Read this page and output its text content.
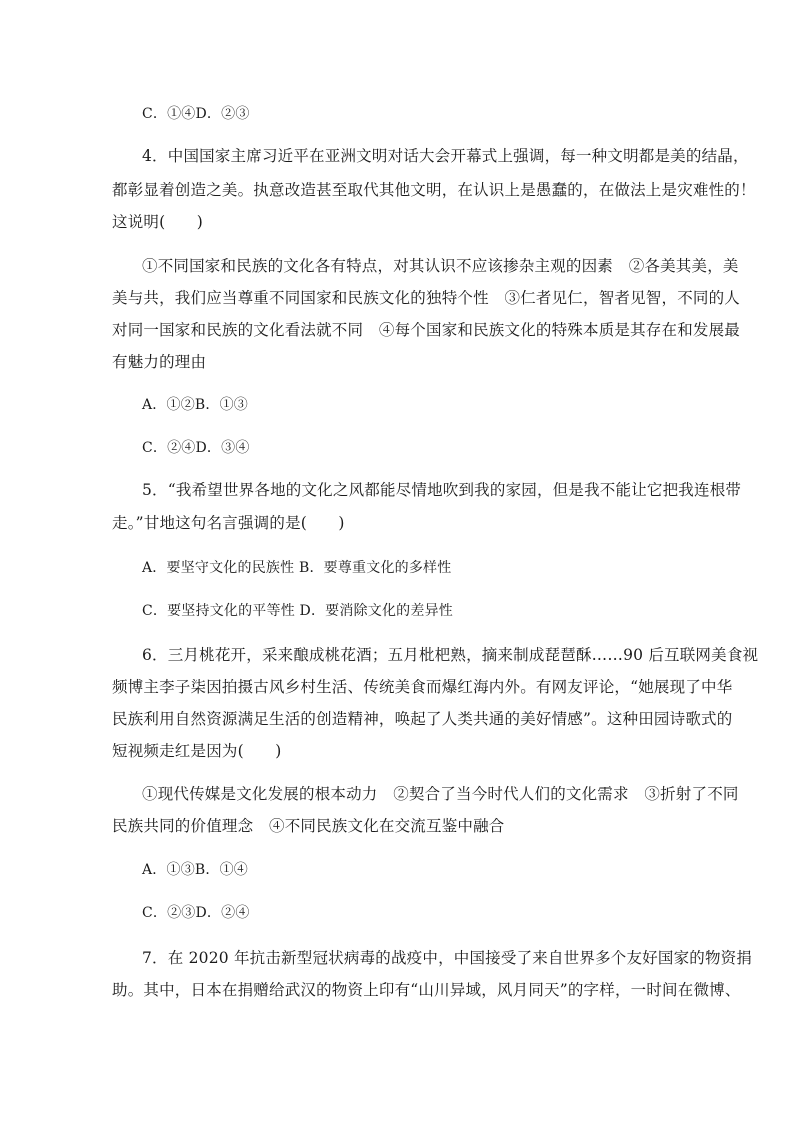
C．①④D．②③
4．中国国家主席习近平在亚洲文明对话大会开幕式上强调，每一种文明都是美的结晶，
都彰显着创造之美。执意改造甚至取代其他文明，在认识上是愚蠢的，在做法上是灾难性的！
这说明(　　)
①不同国家和民族的文化各有特点，对其认识不应该掺杂主观的因素　②各美其美，美
美与共，我们应当尊重不同国家和民族文化的独特个性　③仁者见仁，智者见智，不同的人
对同一国家和民族的文化看法就不同　④每个国家和民族文化的特殊本质是其存在和发展最
有魅力的理由
A．①②B．①③
C．②④D．③④
5．“我希望世界各地的文化之风都能尽情地吹到我的家园，但是我不能让它把我连根带
走。”甘地这句名言强调的是(　　)
A．要坚守文化的民族性 B．要尊重文化的多样性
C．要坚持文化的平等性 D．要消除文化的差异性
6．三月桃花开，采来酿成桃花酒；五月枇杷熟，摘来制成琵琶酥……90 后互联网美食视
频博主李子柒因拍摄古风乡村生活、传统美食而爆红海内外。有网友评论，“她展现了中华
民族利用自然资源满足生活的创造精神，唤起了人类共通的美好情感”。这种田园诗歌式的
短视频走红是因为(　　)
①现代传媒是文化发展的根本动力　②契合了当今时代人们的文化需求　③折射了不同
民族共同的价值理念　④不同民族文化在交流互鉴中融合
A．①③B．①④
C．②③D．②④
7．在 2020 年抗击新型冠状病毒的战疫中，中国接受了来自世界多个友好国家的物资捐
助。其中，日本在捐赠给武汉的物资上印有“山川异域，风月同天”的字样，一时间在微博、
